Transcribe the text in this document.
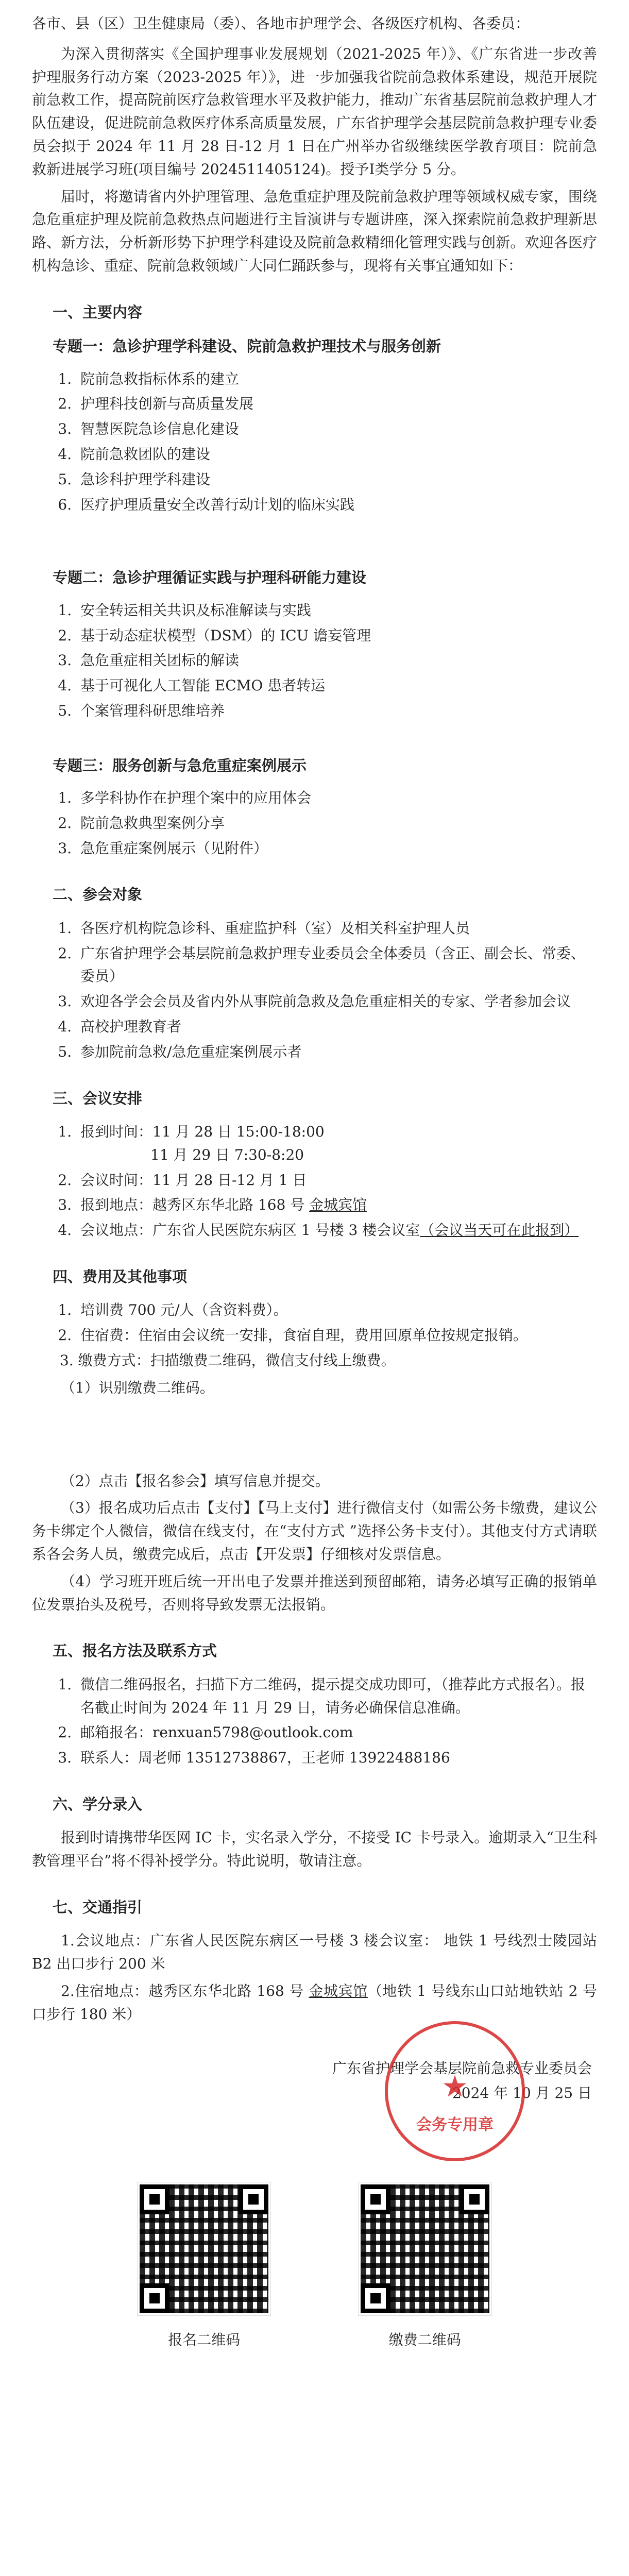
各市、县（区）卫生健康局（委）、各地市护理学会、各级医疗机构、各委员：

为深入贯彻落实《全国护理事业发展规划（2021-2025 年）》、《广东省进一步改善护理服务行动方案（2023-2025 年）》，进一步加强我省院前急救体系建设，规范开展院前急救工作，提高院前医疗急救管理水平及救护能力，推动广东省基层院前急救护理人才队伍建设，促进院前急救医疗体系高质量发展，广东省护理学会基层院前急救护理专业委员会拟于 2024 年 11 月 28 日-12 月 1 日在广州举办省级继续医学教育项目：院前急救新进展学习班(项目编号 2024511405124)。授予Ⅰ类学分 5 分。

届时，将邀请省内外护理管理、急危重症护理及院前急救护理等领域权威专家，围绕急危重症护理及院前急救热点问题进行主旨演讲与专题讲座，深入探索院前急救护理新思路、新方法，分析新形势下护理学科建设及院前急救精细化管理实践与创新。欢迎各医疗机构急诊、重症、院前急救领域广大同仁踊跃参与，现将有关事宜通知如下：

一、主要内容

专题一：急诊护理学科建设、院前急救护理技术与服务创新

1. 院前急救指标体系的建立
2. 护理科技创新与高质量发展
3. 智慧医院急诊信息化建设
4. 院前急救团队的建设
5. 急诊科护理学科建设
6. 医疗护理质量安全改善行动计划的临床实践

专题二：急诊护理循证实践与护理科研能力建设

1. 安全转运相关共识及标准解读与实践
2. 基于动态症状模型（DSM）的 ICU 谵妄管理
3. 急危重症相关团标的解读
4. 基于可视化人工智能 ECMO 患者转运
5. 个案管理科研思维培养

专题三：服务创新与急危重症案例展示

1. 多学科协作在护理个案中的应用体会
2. 院前急救典型案例分享
3. 急危重症案例展示（见附件）

二、参会对象

1. 各医疗机构院急诊科、重症监护科（室）及相关科室护理人员
2. 广东省护理学会基层院前急救护理专业委员会全体委员（含正、副会长、常委、委员）
3. 欢迎各学会会员及省内外从事院前急救及急危重症相关的专家、学者参加会议
4. 高校护理教育者
5. 参加院前急救/急危重症案例展示者

三、会议安排

1. 报到时间：11 月 28 日 15:00-18:00
11 月 29 日 7:30-8:20
2. 会议时间：11 月 28 日-12 月 1 日
3. 报到地点：越秀区东华北路 168 号 金城宾馆
4. 会议地点：广东省人民医院东病区 1 号楼 3 楼会议室（会议当天可在此报到）

四、费用及其他事项

1. 培训费 700 元/人（含资料费）。
2. 住宿费：住宿由会议统一安排，食宿自理，费用回原单位按规定报销。

3. 缴费方式：扫描缴费二维码，微信支付线上缴费。

（1）识别缴费二维码。

（2）点击【报名参会】填写信息并提交。

（3）报名成功后点击【支付】【马上支付】进行微信支付（如需公务卡缴费，建议公务卡绑定个人微信，微信在线支付，在“支付方式 ”选择公务卡支付）。其他支付方式请联系各会务人员，缴费完成后，点击【开发票】仔细核对发票信息。

（4）学习班开班后统一开出电子发票并推送到预留邮箱，请务必填写正确的报销单位发票抬头及税号，否则将导致发票无法报销。

五、报名方法及联系方式

1. 微信二维码报名，扫描下方二维码，提示提交成功即可，（推荐此方式报名）。报名截止时间为 2024 年 11 月 29 日，请务必确保信息准确。
2. 邮箱报名：renxuan5798@outlook.com
3. 联系人：周老师 13512738867，王老师 13922488186

六、学分录入

报到时请携带华医网 IC 卡，实名录入学分，不接受 IC 卡号录入。逾期录入“卫生科教管理平台”将不得补授学分。特此说明，敬请注意。

七、交通指引

1.会议地点：广东省人民医院东病区一号楼 3 楼会议室： 地铁 1 号线烈士陵园站 B2 出口步行 200 米

2.住宿地点：越秀区东华北路 168 号 金城宾馆（地铁 1 号线东山口站地铁站 2 号口步行 180 米）

★
会务专用章

广东省护理学会基层院前急救专业委员会

2024 年 10 月 25 日

报名二维码	缴费二维码
